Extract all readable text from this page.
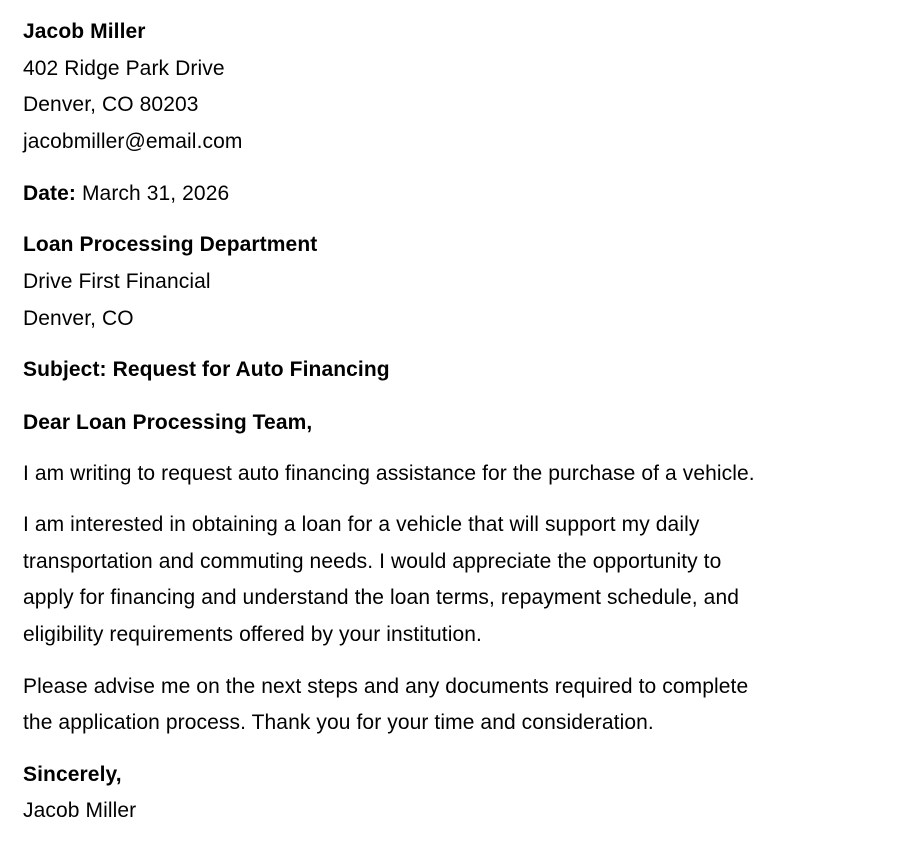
Jacob Miller
402 Ridge Park Drive
Denver, CO 80203
jacobmiller@email.com
Date: March 31, 2026
Loan Processing Department
Drive First Financial
Denver, CO
Subject: Request for Auto Financing
Dear Loan Processing Team,
I am writing to request auto financing assistance for the purchase of a vehicle.
I am interested in obtaining a loan for a vehicle that will support my daily
transportation and commuting needs. I would appreciate the opportunity to
apply for financing and understand the loan terms, repayment schedule, and
eligibility requirements offered by your institution.
Please advise me on the next steps and any documents required to complete
the application process. Thank you for your time and consideration.
Sincerely,
Jacob Miller
